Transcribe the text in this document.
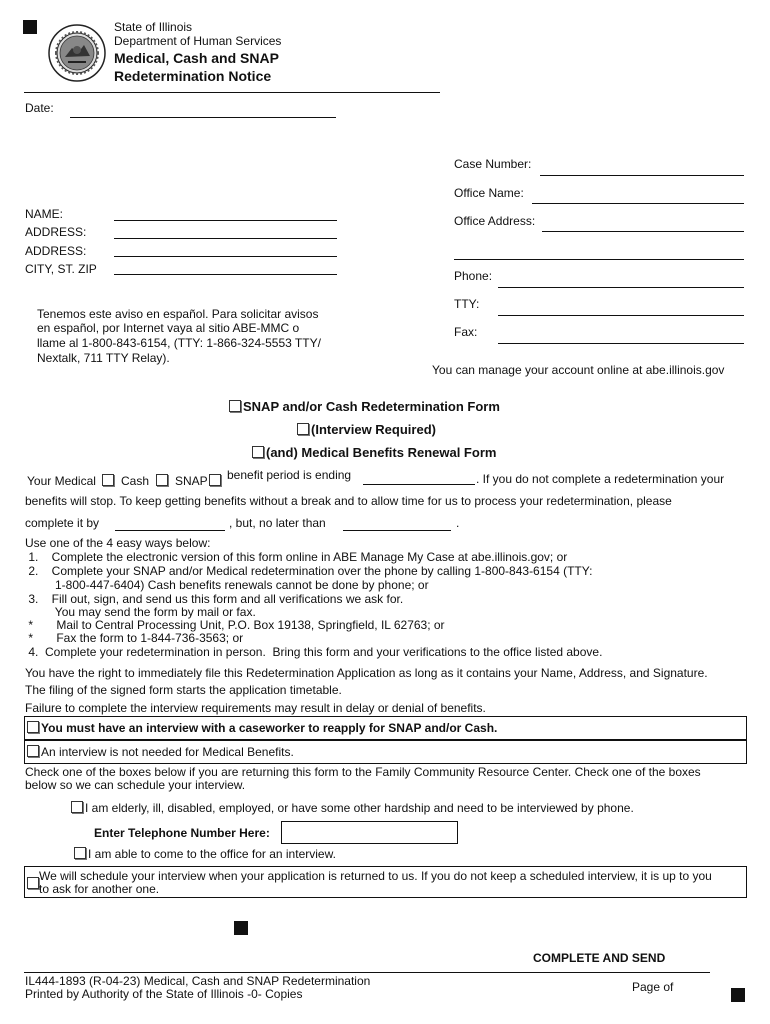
State of Illinois
Department of Human Services
Medical, Cash and SNAP
Redetermination Notice
Date:
NAME:
ADDRESS:
ADDRESS:
CITY, ST. ZIP
Case Number:
Office Name:
Office Address:
Phone:
TTY:
Fax:
You can manage your account online at abe.illinois.gov
Tenemos este aviso en español. Para solicitar avisos
en español, por Internet vaya al sitio ABE-MMC o
llame al 1-800-843-6154, (TTY: 1-866-324-5553 TTY/
Nextalk, 711 TTY Relay).
SNAP and/or Cash Redetermination Form
(Interview Required)
(and) Medical Benefits Renewal Form
Your Medical Cash SNAP benefit period is ending	. If you do not complete a redetermination your
benefits will stop. To keep getting benefits without a break and to allow time for us to process your redetermination, please
complete it by	, but, no later than	.
Use one of the 4 easy ways below:
1.    Complete the electronic version of this form online in ABE Manage My Case at abe.illinois.gov; or
2.    Complete your SNAP and/or Medical redetermination over the phone by calling 1-800-843-6154 (TTY:
1-800-447-6404) Cash benefits renewals cannot be done by phone; or
3.    Fill out, sign, and send us this form and all verifications we ask for.
You may send the form by mail or fax.
*       Mail to Central Processing Unit, P.O. Box 19138, Springfield, IL 62763; or
*       Fax the form to 1-844-736-3563; or
4.  Complete your redetermination in person.  Bring this form and your verifications to the office listed above.
You have the right to immediately file this Redetermination Application as long as it contains your Name, Address, and Signature.
The filing of the signed form starts the application timetable.
Failure to complete the interview requirements may result in delay or denial of benefits.
You must have an interview with a caseworker to reapply for SNAP and/or Cash.
An interview is not needed for Medical Benefits.
Check one of the boxes below if you are returning this form to the Family Community Resource Center. Check one of the boxes
below so we can schedule your interview.
I am elderly, ill, disabled, employed, or have some other hardship and need to be interviewed by phone.
Enter Telephone Number Here:
I am able to come to the office for an interview.
We will schedule your interview when your application is returned to us. If you do not keep a scheduled interview, it is up to you
to ask for another one.
COMPLETE AND SEND
IL444-1893 (R-04-23) Medical, Cash and SNAP Redetermination
Printed by Authority of the State of Illinois -0- Copies	Page of
